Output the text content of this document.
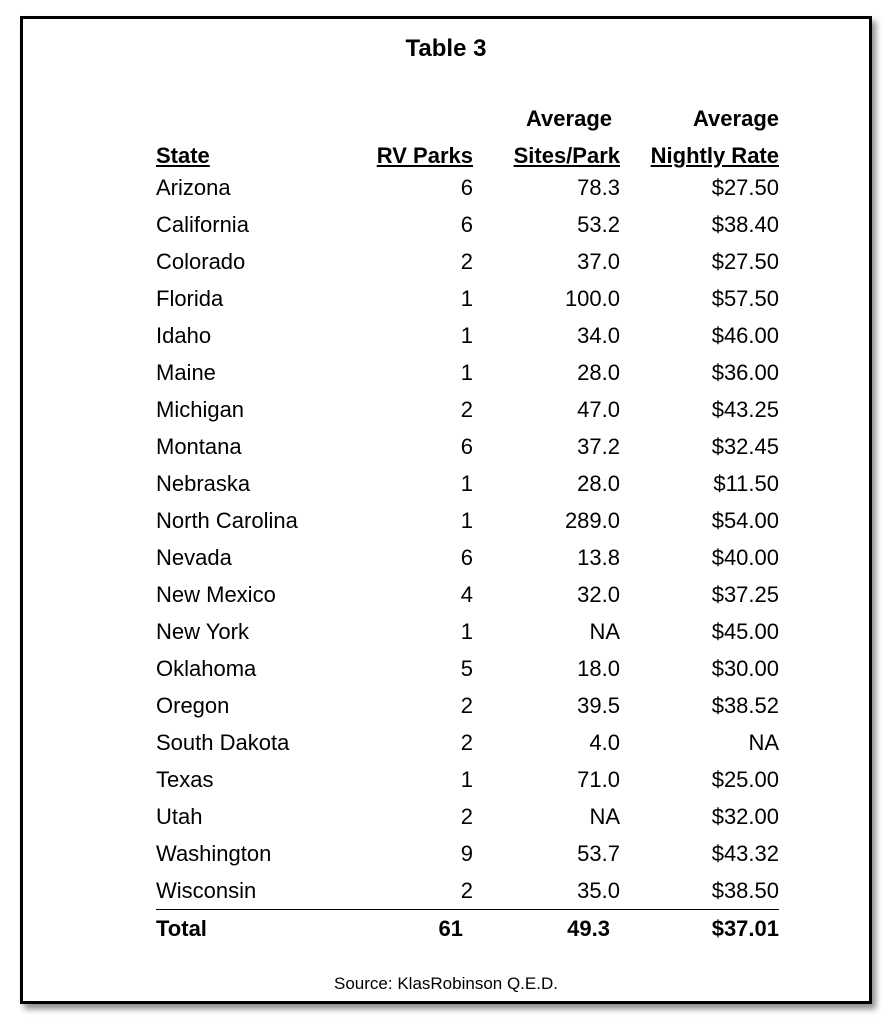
Table 3
		Average	Average
State	RV Parks	Sites/Park	Nightly Rate
Arizona	6	78.3	$27.50
California	6	53.2	$38.40
Colorado	2	37.0	$27.50
Florida	1	100.0	$57.50
Idaho	1	34.0	$46.00
Maine	1	28.0	$36.00
Michigan	2	47.0	$43.25
Montana	6	37.2	$32.45
Nebraska	1	28.0	$11.50
North Carolina	1	289.0	$54.00
Nevada	6	13.8	$40.00
New Mexico	4	32.0	$37.25
New York	1	NA	$45.00
Oklahoma	5	18.0	$30.00
Oregon	2	39.5	$38.52
South Dakota	2	4.0	NA
Texas	1	71.0	$25.00
Utah	2	NA	$32.00
Washington	9	53.7	$43.32
Wisconsin	2	35.0	$38.50
Total	61	49.3	$37.01
Source: KlasRobinson Q.E.D.
